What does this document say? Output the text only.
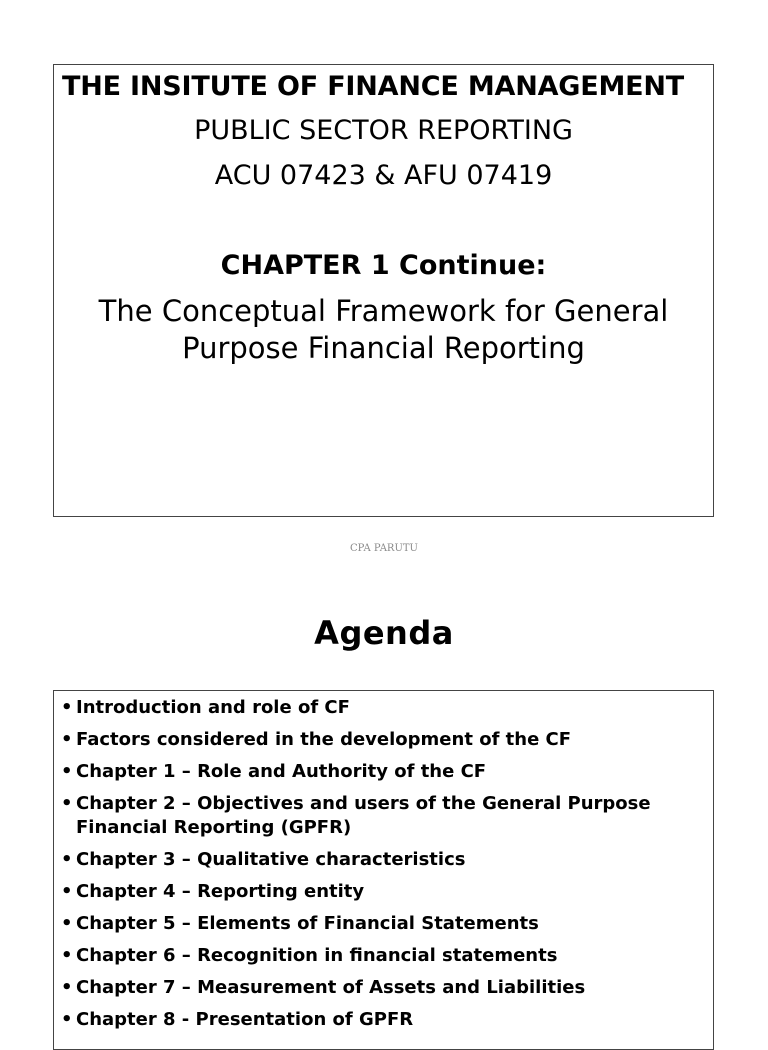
THE INSITUTE OF FINANCE MANAGEMENT

PUBLIC SECTOR REPORTING

ACU 07423 & AFU 07419

CHAPTER 1 Continue:

The Conceptual Framework for General
Purpose Financial Reporting

CPA PARUTU

Agenda
• Introduction and role of CF
• Factors considered in the development of the CF
• Chapter 1 – Role and Authority of the CF
• Chapter 2 – Objectives and users of the General Purpose Financial Reporting (GPFR)
• Chapter 3 – Qualitative characteristics
• Chapter 4 – Reporting entity
• Chapter 5 – Elements of Financial Statements
• Chapter 6 – Recognition in financial statements
• Chapter 7 – Measurement of Assets and Liabilities
• Chapter 8 - Presentation of GPFR
